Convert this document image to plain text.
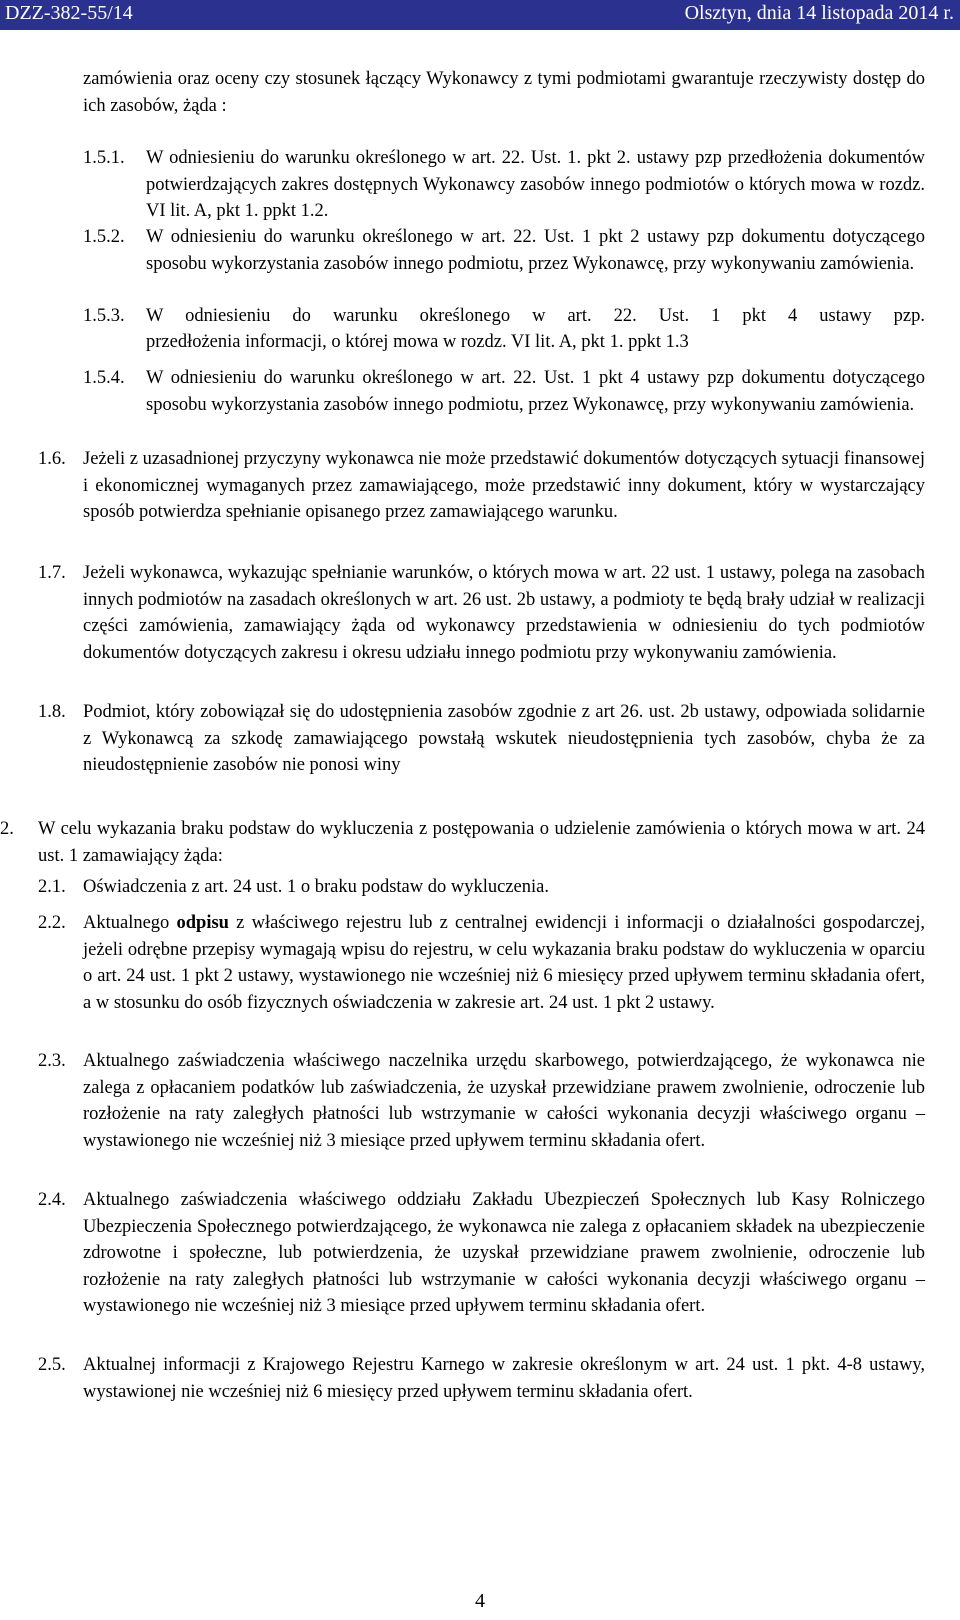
DZZ-382-55/14	Olsztyn, dnia 14 listopada 2014 r.

zamówienia oraz oceny czy stosunek łączący Wykonawcy z tymi podmiotami gwarantuje rzeczywisty dostęp do ich zasobów, żąda :

1.5.1. W odniesieniu do warunku określonego w art. 22. Ust. 1. pkt 2. ustawy pzp przedłożenia dokumentów potwierdzających zakres dostępnych Wykonawcy zasobów innego podmiotów o których mowa w rozdz. VI lit. A, pkt 1. ppkt 1.2.

1.5.2. W odniesieniu do warunku określonego w art. 22. Ust. 1 pkt 2 ustawy pzp dokumentu dotyczącego sposobu wykorzystania zasobów innego podmiotu, przez Wykonawcę, przy wykonywaniu zamówienia.

1.5.3. W odniesieniu do warunku określonego w art. 22. Ust. 1 pkt 4 ustawy pzp.

przedłożenia informacji, o której mowa w rozdz. VI lit. A, pkt 1. ppkt 1.3

1.5.4. W odniesieniu do warunku określonego w art. 22. Ust. 1 pkt 4 ustawy pzp dokumentu dotyczącego sposobu wykorzystania zasobów innego podmiotu, przez Wykonawcę, przy wykonywaniu zamówienia.

1.6. Jeżeli z uzasadnionej przyczyny wykonawca nie może przedstawić dokumentów dotyczących sytuacji finansowej i ekonomicznej wymaganych przez zamawiającego, może przedstawić inny dokument, który w wystarczający sposób potwierdza spełnianie opisanego przez zamawiającego warunku.

1.7. Jeżeli wykonawca, wykazując spełnianie warunków, o których mowa w art. 22 ust. 1 ustawy, polega na zasobach innych podmiotów na zasadach określonych w art. 26 ust. 2b ustawy, a podmioty te będą brały udział w realizacji części zamówienia, zamawiający żąda od wykonawcy przedstawienia w odniesieniu do tych podmiotów dokumentów dotyczących zakresu i okresu udziału innego podmiotu przy wykonywaniu zamówienia.

1.8. Podmiot, który zobowiązał się do udostępnienia zasobów zgodnie z art 26. ust. 2b ustawy, odpowiada solidarnie z Wykonawcą za szkodę zamawiającego powstałą wskutek nieudostępnienia tych zasobów, chyba że za nieudostępnienie zasobów nie ponosi winy

2. W celu wykazania braku podstaw do wykluczenia z postępowania o udzielenie zamówienia o których mowa w art. 24 ust. 1 zamawiający żąda:

2.1. Oświadczenia z art. 24 ust. 1 o braku podstaw do wykluczenia.

2.2. Aktualnego odpisu z właściwego rejestru lub z centralnej ewidencji i informacji o działalności gospodarczej, jeżeli odrębne przepisy wymagają wpisu do rejestru, w celu wykazania braku podstaw do wykluczenia w oparciu o art. 24 ust. 1 pkt 2 ustawy, wystawionego nie wcześniej niż 6 miesięcy przed upływem terminu składania ofert, a w stosunku do osób fizycznych oświadczenia w zakresie art. 24 ust. 1 pkt 2 ustawy.

2.3. Aktualnego zaświadczenia właściwego naczelnika urzędu skarbowego, potwierdzającego, że wykonawca nie zalega z opłacaniem podatków lub zaświadczenia, że uzyskał przewidziane prawem zwolnienie, odroczenie lub rozłożenie na raty zaległych płatności lub wstrzymanie w całości wykonania decyzji właściwego organu – wystawionego nie wcześniej niż 3 miesiące przed upływem terminu składania ofert.

2.4. Aktualnego zaświadczenia właściwego oddziału Zakładu Ubezpieczeń Społecznych lub Kasy Rolniczego Ubezpieczenia Społecznego potwierdzającego, że wykonawca nie zalega z opłacaniem składek na ubezpieczenie zdrowotne i społeczne, lub potwierdzenia, że uzyskał przewidziane prawem zwolnienie, odroczenie lub rozłożenie na raty zaległych płatności lub wstrzymanie w całości wykonania decyzji właściwego organu – wystawionego nie wcześniej niż 3 miesiące przed upływem terminu składania ofert.

2.5. Aktualnej informacji z Krajowego Rejestru Karnego w zakresie określonym w art. 24 ust. 1 pkt. 4-8 ustawy, wystawionej nie wcześniej niż 6 miesięcy przed upływem terminu składania ofert.

4
